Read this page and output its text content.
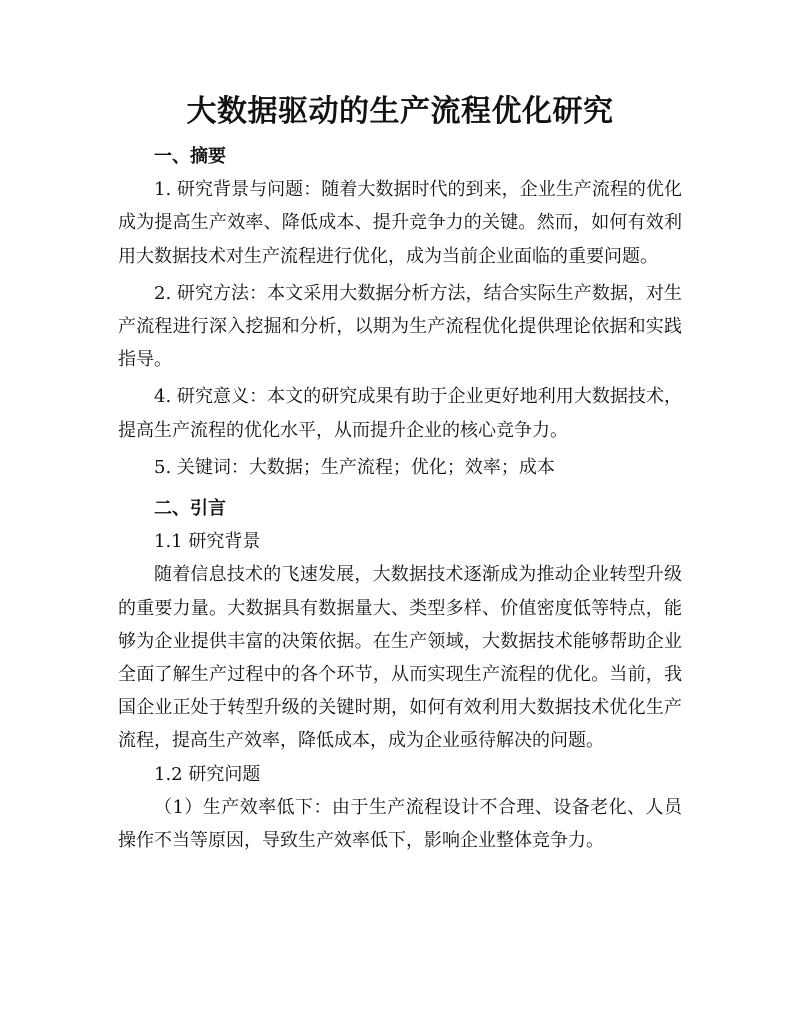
大数据驱动的生产流程优化研究
一、摘要

1. 研究背景与问题：随着大数据时代的到来，企业生产流程的优化成为提高生产效率、降低成本、提升竞争力的关键。然而，如何有效利用大数据技术对生产流程进行优化，成为当前企业面临的重要问题。

2. 研究方法：本文采用大数据分析方法，结合实际生产数据，对生产流程进行深入挖掘和分析，以期为生产流程优化提供理论依据和实践指导。

4. 研究意义：本文的研究成果有助于企业更好地利用大数据技术，提高生产流程的优化水平，从而提升企业的核心竞争力。

5. 关键词：大数据；生产流程；优化；效率；成本

二、引言

1.1 研究背景

随着信息技术的飞速发展，大数据技术逐渐成为推动企业转型升级的重要力量。大数据具有数据量大、类型多样、价值密度低等特点，能够为企业提供丰富的决策依据。在生产领域，大数据技术能够帮助企业全面了解生产过程中的各个环节，从而实现生产流程的优化。当前，我国企业正处于转型升级的关键时期，如何有效利用大数据技术优化生产流程，提高生产效率，降低成本，成为企业亟待解决的问题。

1.2 研究问题

（1）生产效率低下：由于生产流程设计不合理、设备老化、人员操作不当等原因，导致生产效率低下，影响企业整体竞争力。
